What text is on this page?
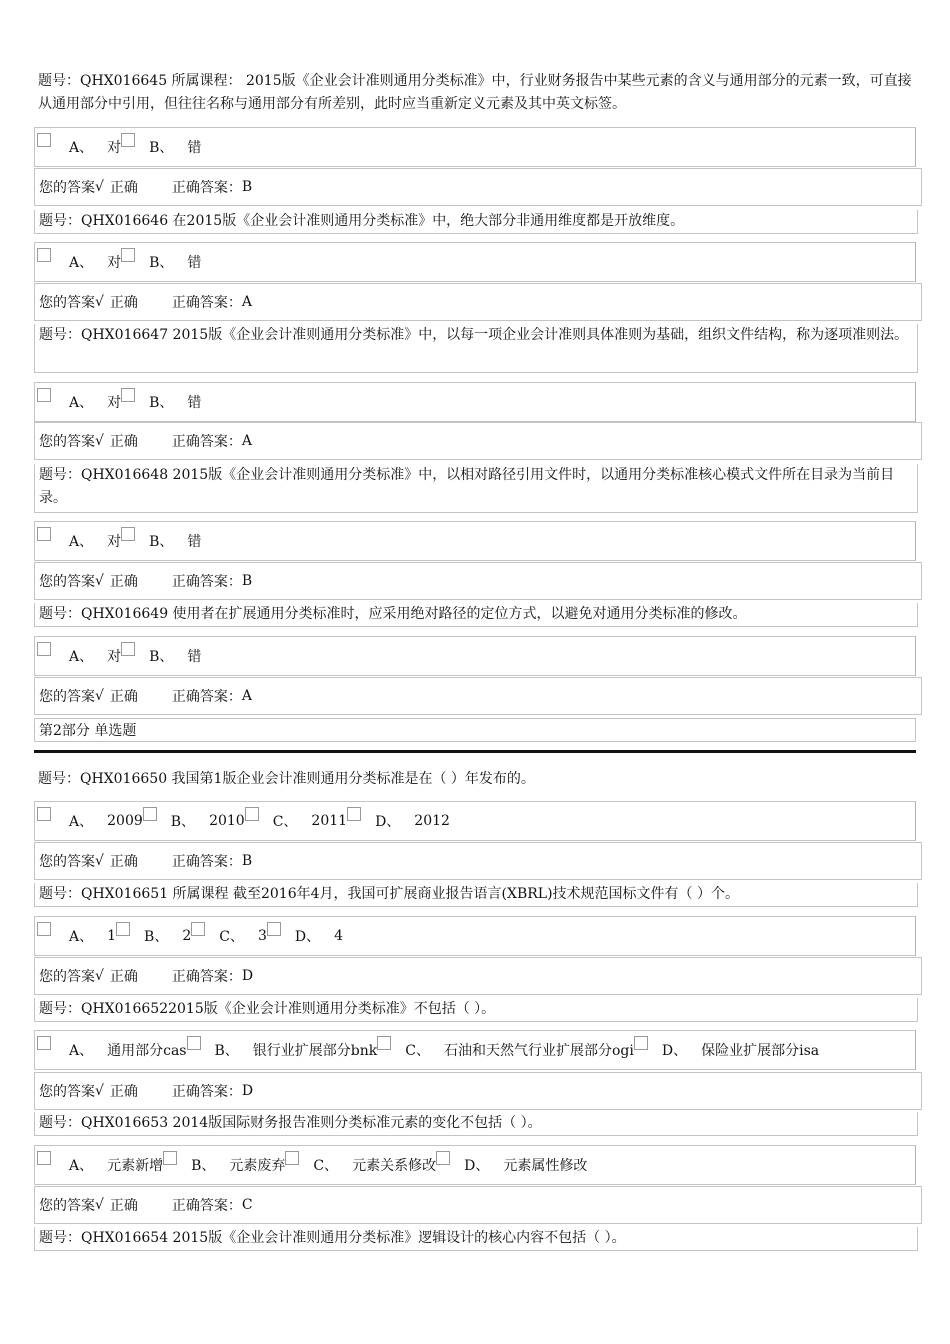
题号：QHX016645 所属课程： 2015版《企业会计准则通用分类标准》中，行业财务报告中某些元素的含义与通用部分的元素一致，可直接从通用部分中引用，但往往名称与通用部分有所差别，此时应当重新定义元素及其中英文标签。
A、 对 B、 错
您的答案 √ 正确 正确答案： B
题号：QHX016646 在2015版《企业会计准则通用分类标准》中，绝大部分非通用维度都是开放维度。
A、 对 B、 错
您的答案 √ 正确 正确答案： A
题号：QHX016647 2015版《企业会计准则通用分类标准》中，以每一项企业会计准则具体准则为基础，组织文件结构，称为逐项准则法。
A、 对 B、 错
您的答案 √ 正确 正确答案： A
题号：QHX016648 2015版《企业会计准则通用分类标准》中，以相对路径引用文件时，以通用分类标准核心模式文件所在目录为当前目录。
A、 对 B、 错
您的答案 √ 正确 正确答案： B
题号：QHX016649 使用者在扩展通用分类标准时，应采用绝对路径的定位方式，以避免对通用分类标准的修改。
A、 对 B、 错
您的答案 √ 正确 正确答案： A
第2部分 单选题
题号：QHX016650 我国第1版企业会计准则通用分类标准是在（ ）年发布的。
A、 2009 B、 2010 C、 2011 D、 2012
您的答案 √ 正确 正确答案： B
题号：QHX016651 所属课程 截至2016年4月，我国可扩展商业报告语言(XBRL)技术规范国标文件有（ ）个。
A、 1 B、 2 C、 3 D、 4
您的答案 √ 正确 正确答案： D
题号：QHX0166522015版《企业会计准则通用分类标准》不包括（ ）。
A、 通用部分cas B、 银行业扩展部分bnk C、 石油和天然气行业扩展部分ogi D、 保险业扩展部分isa
您的答案 √ 正确 正确答案： D
题号：QHX016653 2014版国际财务报告准则分类标准元素的变化不包括（ ）。
A、 元素新增 B、 元素废弃 C、 元素关系修改 D、 元素属性修改
您的答案 √ 正确 正确答案： C
题号：QHX016654 2015版《企业会计准则通用分类标准》逻辑设计的核心内容不包括（ ）。
